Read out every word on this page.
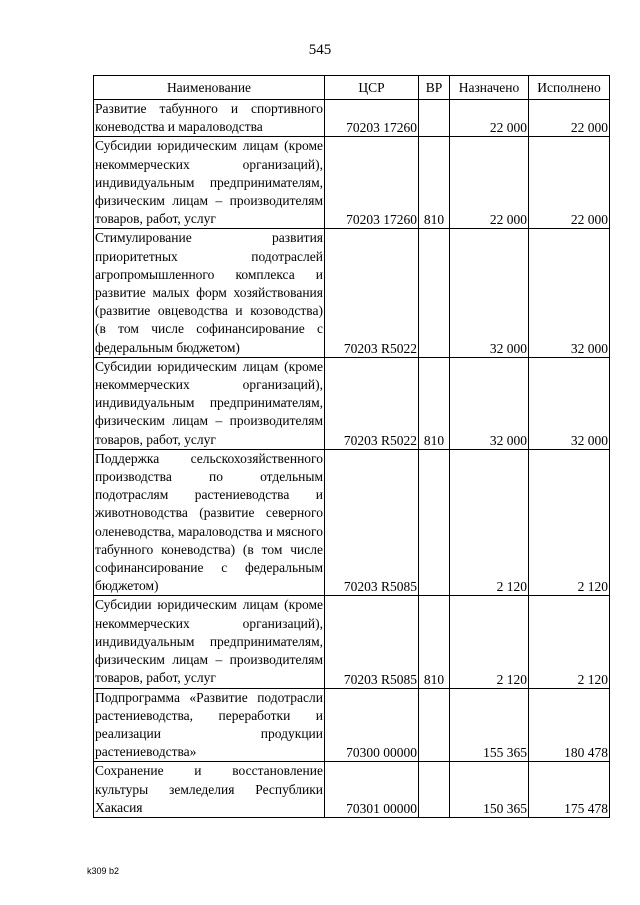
545
Наименование	ЦСР	ВР	Назначено	Исполнено
Развитие табунного и спортивного коневодства и мараловодства	70203 17260		22 000	22 000
Субсидии юридическим лицам (кроме некоммерческих организаций), индивидуальным предпринимателям, физическим лицам – производителям товаров, работ, услуг	70203 17260	810	22 000	22 000
Стимулирование развития приоритетных подотраслей агропромышленного комплекса и развитие малых форм хозяйствования (развитие овцеводства и козоводства) (в том числе софинансирование с федеральным бюджетом)	70203 R5022		32 000	32 000
Субсидии юридическим лицам (кроме некоммерческих организаций), индивидуальным предпринимателям, физическим лицам – производителям товаров, работ, услуг	70203 R5022	810	32 000	32 000
Поддержка сельскохозяйственного производства по отдельным подотраслям растениеводства и животноводства (развитие северного оленеводства, мараловодства и мясного табунного коневодства) (в том числе софинансирование с федеральным бюджетом)	70203 R5085		2 120	2 120
Субсидии юридическим лицам (кроме некоммерческих организаций), индивидуальным предпринимателям, физическим лицам – производителям товаров, работ, услуг	70203 R5085	810	2 120	2 120
Подпрограмма «Развитие подотрасли растениеводства, переработки и реализации продукции растениеводства»	70300 00000		155 365	180 478
Сохранение и восстановление культуры земледелия Республики Хакасия	70301 00000		150 365	175 478
k309 b2
